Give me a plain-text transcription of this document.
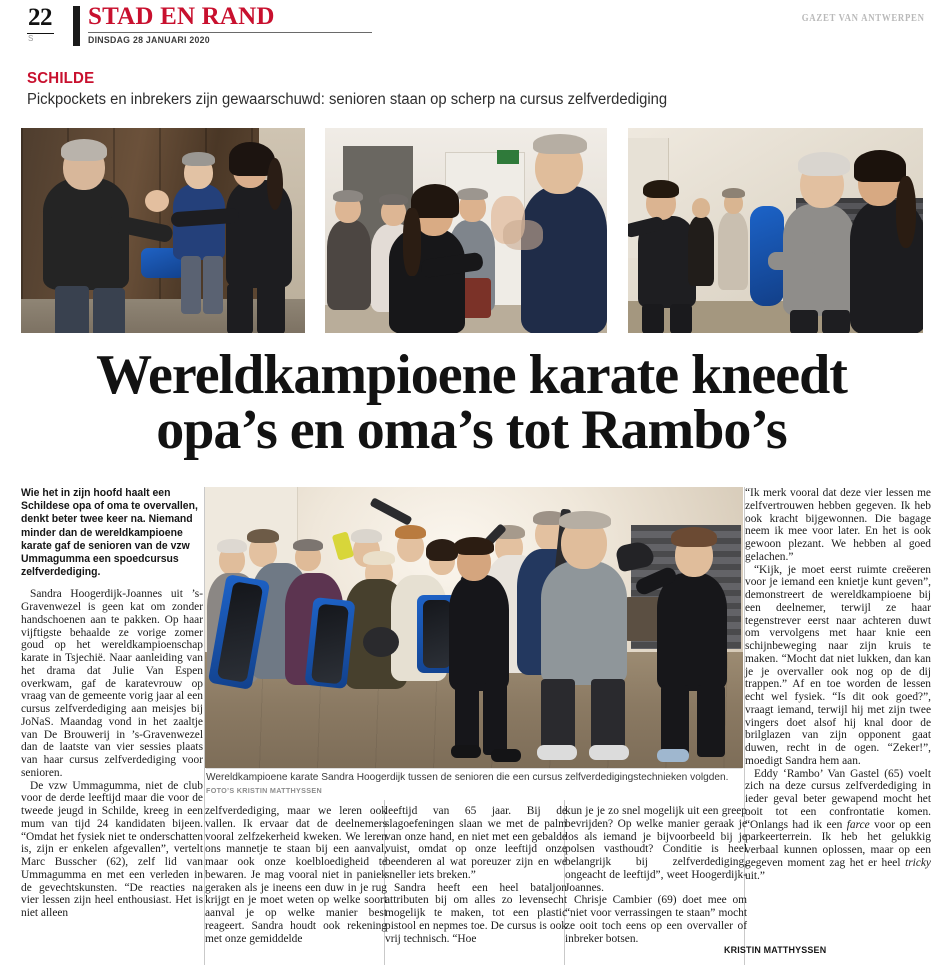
22
S
STAD EN RAND
DINSDAG 28 JANUARI 2020
GAZET VAN ANTWERPEN
SCHILDE
Pickpockets en inbrekers zijn gewaarschuwd: senioren staan op scherp na cursus zelfverdediging
Wereldkampioene karate kneedt
opa’s en oma’s tot Rambo’s
Wereldkampioene karate Sandra Hoogerdijk tussen de senioren die een cursus zelfverdedigingstechnieken volgden. FOTO’S KRISTIN MATTHYSSEN

Wie het in zijn hoofd haalt een Schildese opa of oma te overvallen, denkt beter twee keer na. Niemand minder dan de wereldkampioene karate gaf de senioren van de vzw Ummagumma een spoedcursus zelfverdediging.

Sandra Hoogerdijk-Joannes uit ’s-Gravenwezel is geen kat om zonder handschoenen aan te pakken. Op haar vijftigste behaalde ze vorige zomer goud op het wereldkampioenschap karate in Tsjechië. Naar aanleiding van het drama dat Julie Van Espen overkwam, gaf de karatevrouw op vraag van de gemeente vorig jaar al een cursus zelfverdediging aan meisjes bij JoNaS. Maandag vond in het zaaltje van De Brouwerij in ’s-Gravenwezel dan de laatste van vier sessies plaats van haar cursus zelfverdediging voor senioren.

De vzw Ummagumma, niet de club voor de derde leeftijd maar die voor de tweede jeugd in Schilde, kreeg in een mum van tijd 24 kandidaten bijeen. “Omdat het fysiek niet te onderschatten is, zijn er enkelen afgevallen”, vertelt Marc Busscher (62), zelf lid van Ummagumma en met een verleden in de gevechtskunsten. “De reacties na vier lessen zijn heel enthousiast. Het is niet alleen

zelfverdediging, maar we leren ook vallen. Ik ervaar dat de deelnemers vooral zelfzekerheid kweken. We leren ons mannetje te staan bij een aanval, maar ook onze koelbloedigheid te bewaren. Je mag vooral niet in paniek geraken als je ineens een duw in je rug krijgt en je moet weten op welke soort aanval je op welke manier best reageert. Sandra houdt ook rekening met onze gemiddelde

leeftijd van 65 jaar. Bij de slagoefeningen slaan we met de palm van onze hand, en niet met een gebalde vuist, omdat op onze leeftijd onze beenderen al wat poreuzer zijn en we sneller iets breken.”

Sandra heeft een heel bataljon attributen bij om alles zo levensecht mogelijk te maken, tot een plastic pistool en nepmes toe. De cursus is ook vrij technisch. “Hoe

kun je je zo snel mogelijk uit een greep bevrijden? Op welke manier geraak je los als iemand je bijvoorbeeld bij je polsen vasthoudt? Conditie is heel belangrijk bij zelfverdediging, ongeacht de leeftijd”, weet Hoogerdijk-Joannes.

Chrisje Cambier (69) doet mee om “niet voor verrassingen te staan” mocht ze ooit toch eens op een overvaller of inbreker botsen.

“Ik merk vooral dat deze vier lessen me zelfvertrouwen hebben gegeven. Ik heb ook kracht bijgewonnen. Die bagage neem ik mee voor later. En het is ook gewoon plezant. We hebben al goed gelachen.”

“Kijk, je moet eerst ruimte creëeren voor je iemand een knietje kunt geven”, demonstreert de wereldkampioene bij een deelnemer, terwijl ze haar tegenstrever eerst naar achteren duwt om vervolgens met haar knie een schijnbeweging naar zijn kruis te maken. “Mocht dat niet lukken, dan kan je je overvaller ook nog op de dij trappen.” Af en toe worden de lessen echt wel fysiek. “Is dit ook goed?”, vraagt iemand, terwijl hij met zijn twee vingers doet alsof hij knal door de brilglazen van zijn opponent gaat duwen, recht in de ogen. “Zeker!”, moedigt Sandra hem aan.

Eddy ‘Rambo’ Van Gastel (65) voelt zich na deze cursus zelfverdediging in ieder geval beter gewapend mocht het ooit tot een confrontatie komen. “Onlangs had ik een farce voor op een parkeerterrein. Ik heb het gelukkig verbaal kunnen oplossen, maar op een gegeven moment zag het er heel tricky uit.”

KRISTIN MATTHYSSEN
